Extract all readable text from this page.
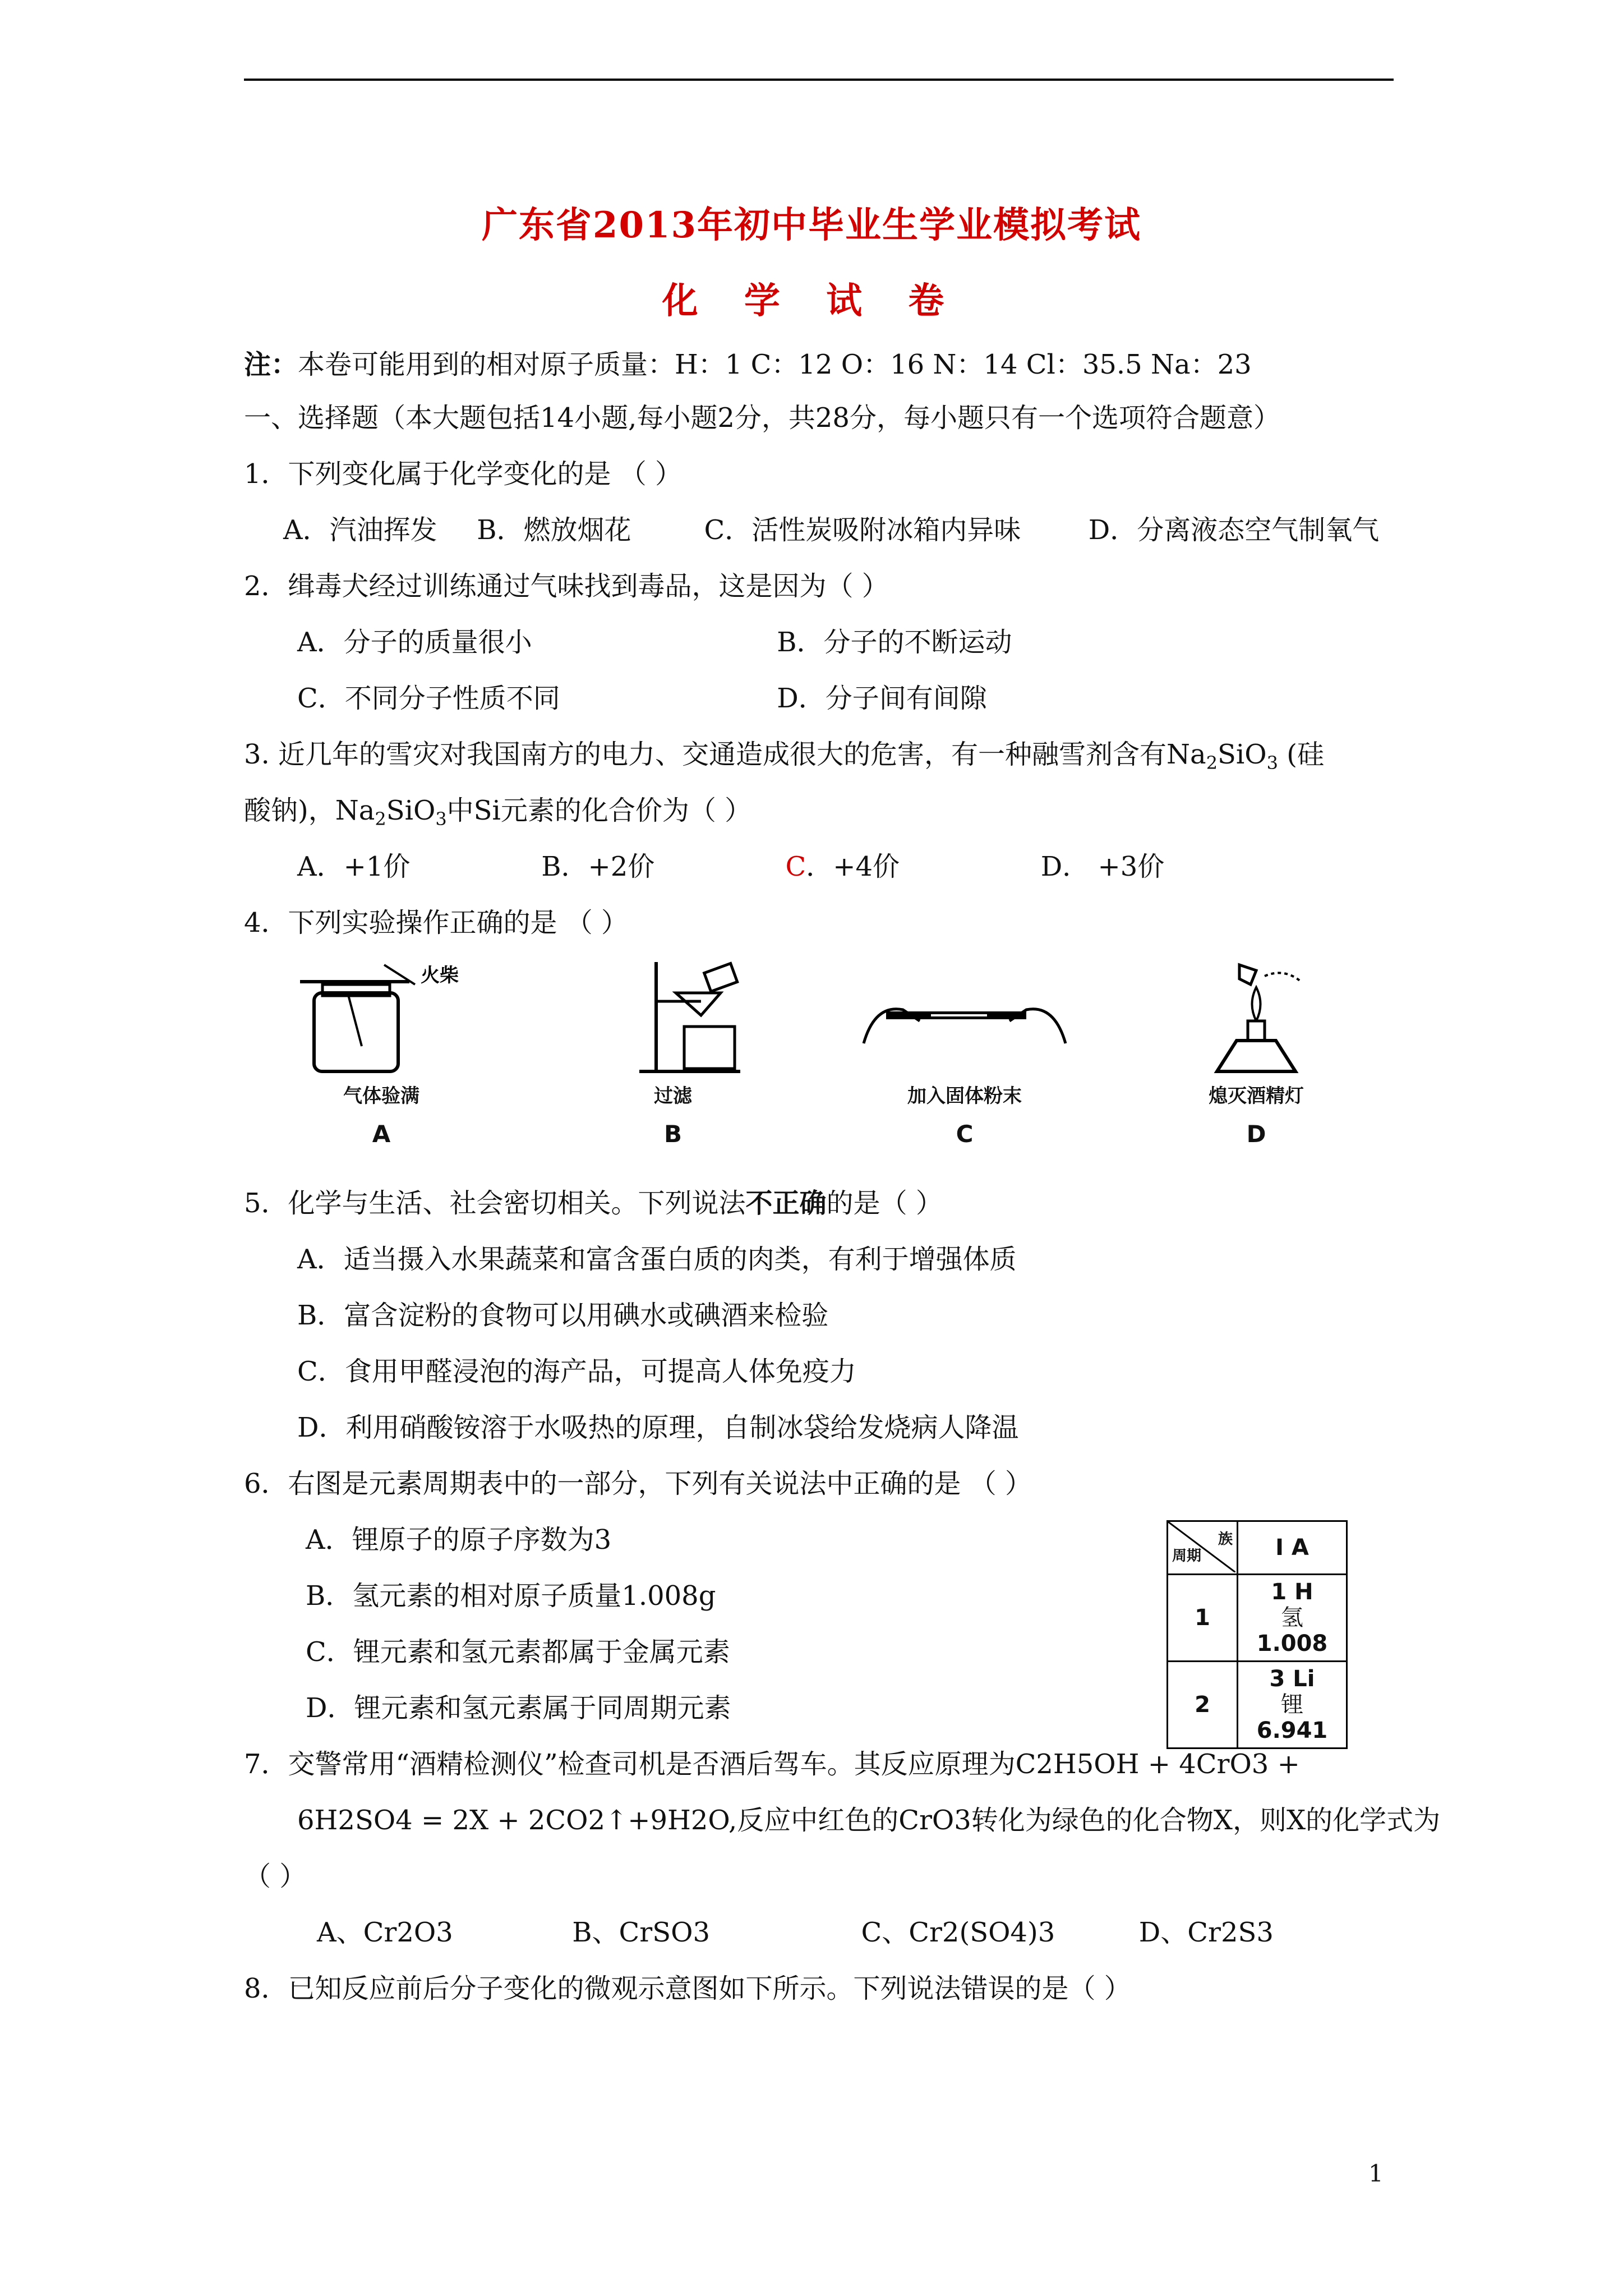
广东省2013年初中毕业生学业模拟考试
化 学 试 卷
注：本卷可能用到的相对原子质量：H：1 C：12 O：16 N：14 Cl：35.5 Na：23
一、选择题（本大题包括14小题,每小题2分，共28分，每小题只有一个选项符合题意）
1．下列变化属于化学变化的是 （ ）
A．汽油挥发 B．燃放烟花	C．活性炭吸附冰箱内异味	D．分离液态空气制氧气
2．缉毒犬经过训练通过气味找到毒品，这是因为（ ）
A．分子的质量很小	B．分子的不断运动
C．不同分子性质不同	D．分子间有间隙
3. 近几年的雪灾对我国南方的电力、交通造成很大的危害，有一种融雪剂含有$Na_2SiO_3$ (硅
酸钠)，$Na_2SiO_3$中Si元素的化合价为（ ）
A．+1价	B．+2价	C．+4价	D． +3价
4．下列实验操作正确的是 （ ）
火柴
气体验满
A
过滤
B
加入固体粉末
C
熄灭酒精灯
D
5．化学与生活、社会密切相关。下列说法不正确的是（ ）
A．适当摄入水果蔬菜和富含蛋白质的肉类，有利于增强体质
B．富含淀粉的食物可以用碘水或碘酒来检验
C．食用甲醛浸泡的海产品，可提高人体免疫力
D．利用硝酸铵溶于水吸热的原理，自制冰袋给发烧病人降温
6．右图是元素周期表中的一部分，下列有关说法中正确的是 （ ）
A．锂原子的原子序数为3
B．氢元素的相对原子质量1.008g
C．锂元素和氢元素都属于金属元素
D．锂元素和氢元素属于同周期元素
族
周期	I A
1	1 H
氢
1.008

2	3 Li
锂
6.941
7．交警常用“酒精检测仪”检查司机是否酒后驾车。其反应原理为C2H5OH + 4CrO3 +
6H2SO4 = 2X + 2CO2↑+9H2O,反应中红色的CrO3转化为绿色的化合物X，则X的化学式为
（ ）
A、Cr2O3	B、CrSO3	C、Cr2(SO4)3	D、Cr2S3
8．已知反应前后分子变化的微观示意图如下所示。下列说法错误的是（ ）
1
